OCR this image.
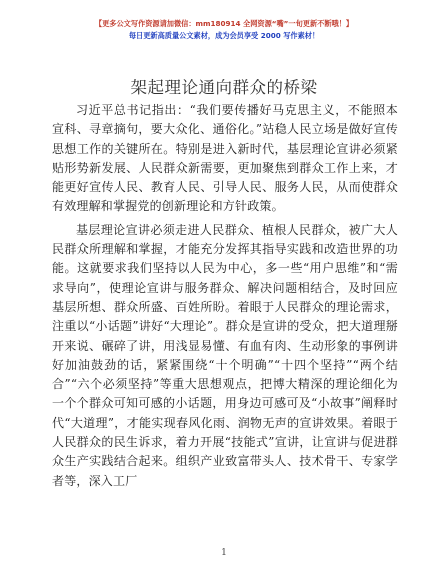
【更多公文写作资源请加微信：mm180914 全网资源“嘴”一旬更新不断哦！】
每日更新高质量公文素材，成为会员享受 2000 写作素材！
架起理论通向群众的桥梁

习近平总书记指出：“我们要传播好马克思主义，不能照本宣科、寻章摘句，要大众化、通俗化。”站稳人民立场是做好宣传思想工作的关键所在。特别是进入新时代，基层理论宣讲必须紧贴形势新发展、人民群众新需要，更加聚焦到群众工作上来，才能更好宣传人民、教育人民、引导人民、服务人民，从而使群众有效理解和掌握党的创新理论和方针政策。

基层理论宣讲必须走进人民群众、植根人民群众，被广大人民群众所理解和掌握，才能充分发挥其指导实践和改造世界的功能。这就要求我们坚持以人民为中心，多一些“用户思维”和“需求导向”，使理论宣讲与服务群众、解决问题相结合，及时回应基层所想、群众所盛、百姓所盼。着眼于人民群众的理论需求，注重以“小话题”讲好“大理论”。群众是宣讲的受众，把大道理掰开来说、碾碎了讲，用浅显易懂、有血有肉、生动形象的事例讲好加油鼓劲的话，紧紧围绕“十个明确”“十四个坚持”“两个结合”“六个必须坚持”等重大思想观点，把博大精深的理论细化为一个个群众可知可感的小话题，用身边可感可及“小故事”阐释时代“大道理”，才能实现春风化雨、润物无声的宣讲效果。着眼于人民群众的民生诉求，着力开展“技能式”宣讲，让宣讲与促进群众生产实践结合起来。组织产业致富带头人、技术骨干、专家学者等，深入工厂

1
